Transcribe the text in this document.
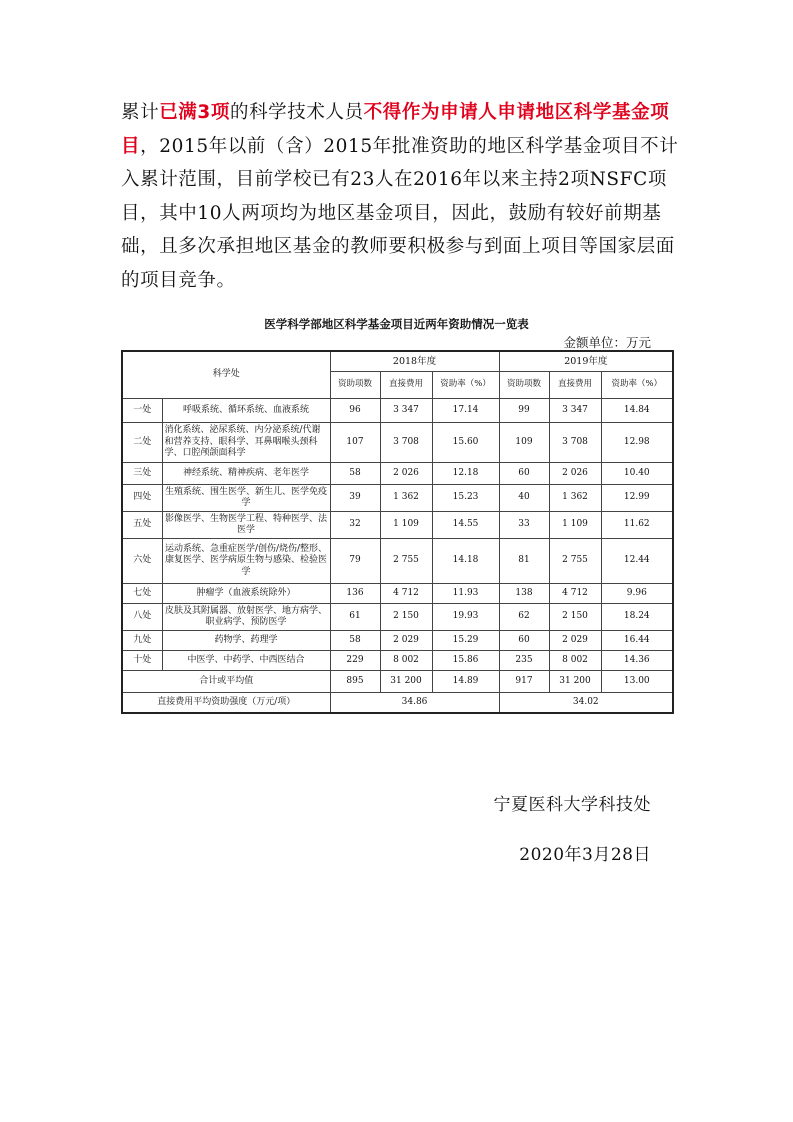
累计已满3项的科学技术人员不得作为申请人申请地区科学基金项目，2015年以前（含）2015年批准资助的地区科学基金项目不计入累计范围，目前学校已有23人在2016年以来主持2项NSFC项目，其中10人两项均为地区基金项目，因此，鼓励有较好前期基础，且多次承担地区基金的教师要积极参与到面上项目等国家层面的项目竞争。

医学科学部地区科学基金项目近两年资助情况一览表
金额单位：万元
科学处		2018年度			2019年度		
		资助项数	直接费用	资助率（%）	资助项数	直接费用	资助率（%）
一处	呼吸系统、循环系统、血液系统	96	3 347	17.14	99	3 347	14.84
二处	消化系统、泌尿系统、内分泌系统/代谢和营养支持、眼科学、耳鼻咽喉头颈科学、口腔颅颌面科学	107	3 708	15.60	109	3 708	12.98
三处	神经系统、精神疾病、老年医学	58	2 026	12.18	60	2 026	10.40
四处	生殖系统、围生医学、新生儿、医学免疫学	39	1 362	15.23	40	1 362	12.99
五处	影像医学、生物医学工程、特种医学、法医学	32	1 109	14.55	33	1 109	11.62
六处	运动系统、急重症医学/创伤/烧伤/整形、康复医学、医学病原生物与感染、检验医学	79	2 755	14.18	81	2 755	12.44
七处	肿瘤学（血液系统除外）	136	4 712	11.93	138	4 712	9.96
八处	皮肤及其附属器、放射医学、地方病学、职业病学、预防医学	61	2 150	19.93	62	2 150	18.24
九处	药物学、药理学	58	2 029	15.29	60	2 029	16.44
十处	中医学、中药学、中西医结合	229	8 002	15.86	235	8 002	14.36
合计或平均值		895	31 200	14.89	917	31 200	13.00
直接费用平均资助强度（万元/项）		34.86			34.02		
宁夏医科大学科技处
2020年3月28日
